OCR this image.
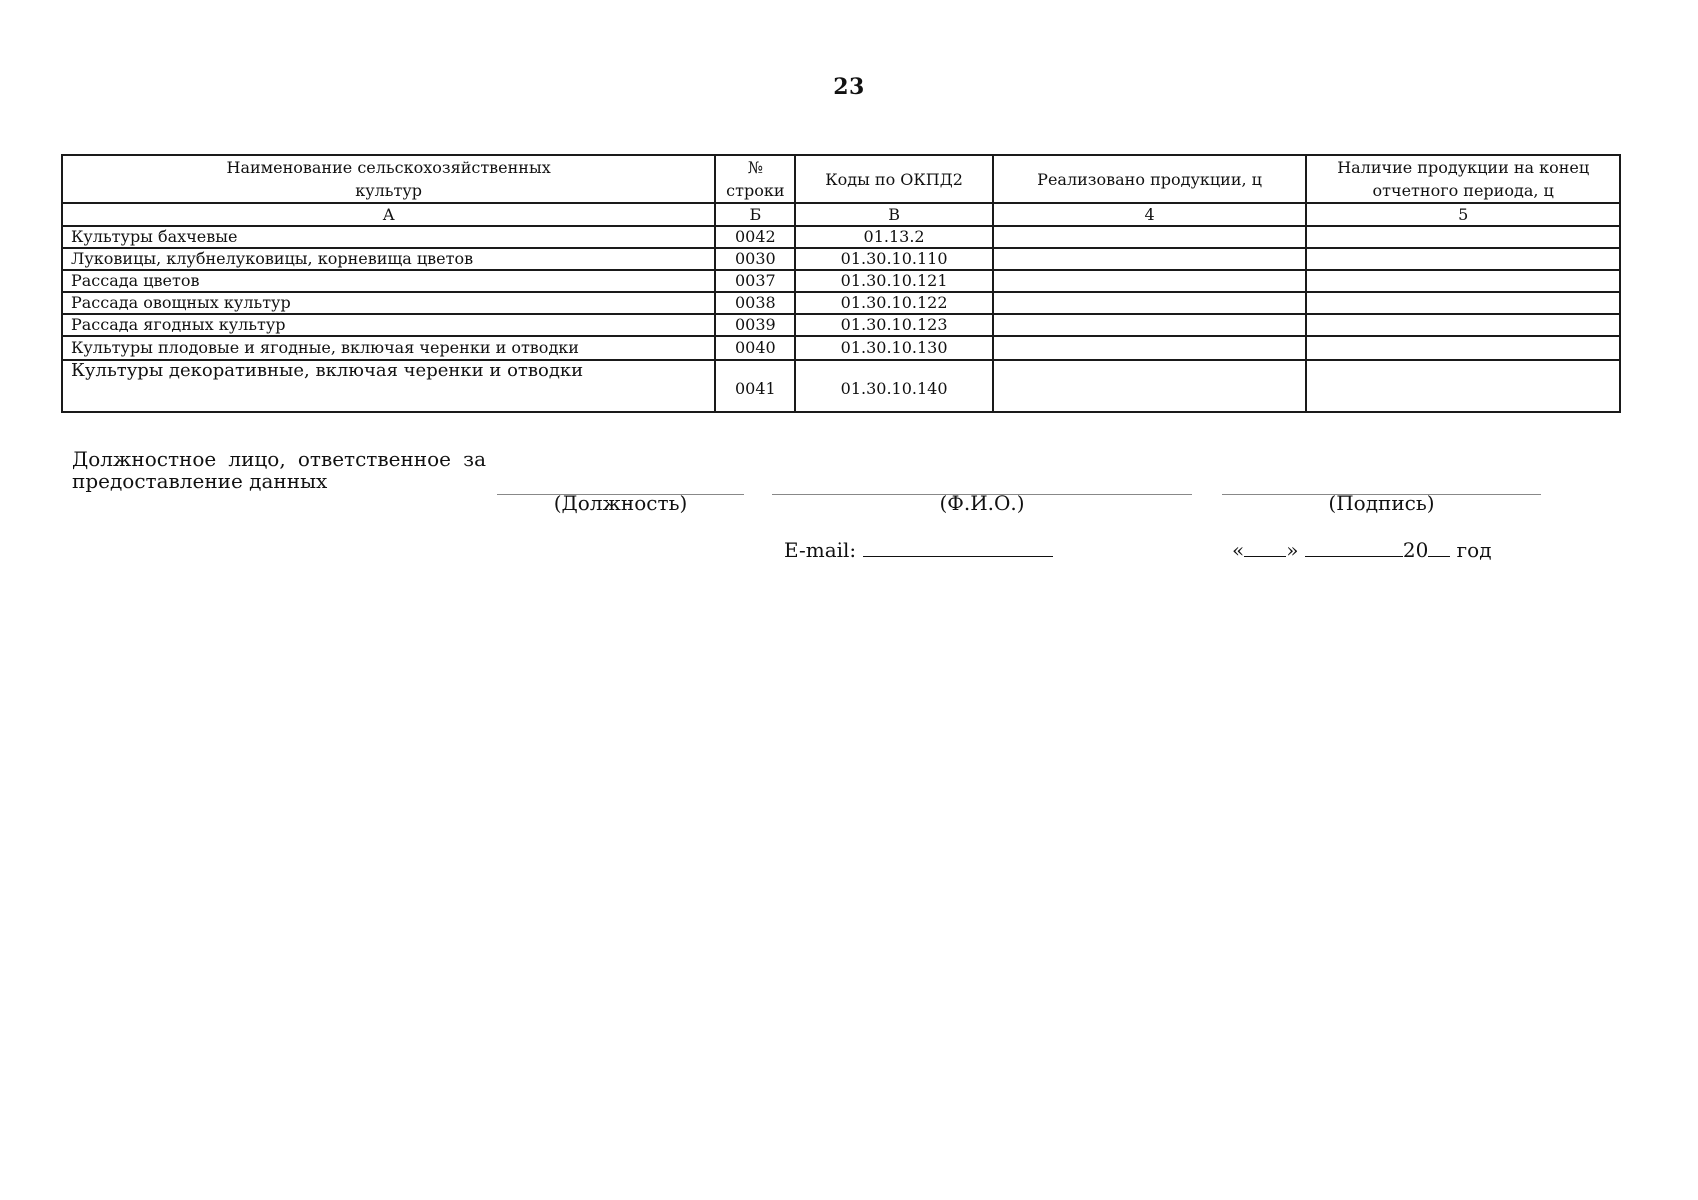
23
Наименование сельскохозяйственных культур	№ строки	Коды по ОКПД2	Реализовано продукции, ц	Наличие продукции на конец отчетного периода, ц
А	Б	В	4	5
Культуры бахчевые	0042	01.13.2		
Луковицы, клубнелуковицы, корневища цветов	0030	01.30.10.110		
Рассада цветов	0037	01.30.10.121		
Рассада овощных культур	0038	01.30.10.122		
Рассада ягодных культур	0039	01.30.10.123		
Культуры плодовые и ягодные, включая черенки и отводки	0040	01.30.10.130		
Культуры декоративные, включая черенки и отводки	0041	01.30.10.140		
Должностное лицо, ответственное за предоставление данных
(Должность)	(Ф.И.О.)	(Подпись)
E-mail:	« »	20 год
